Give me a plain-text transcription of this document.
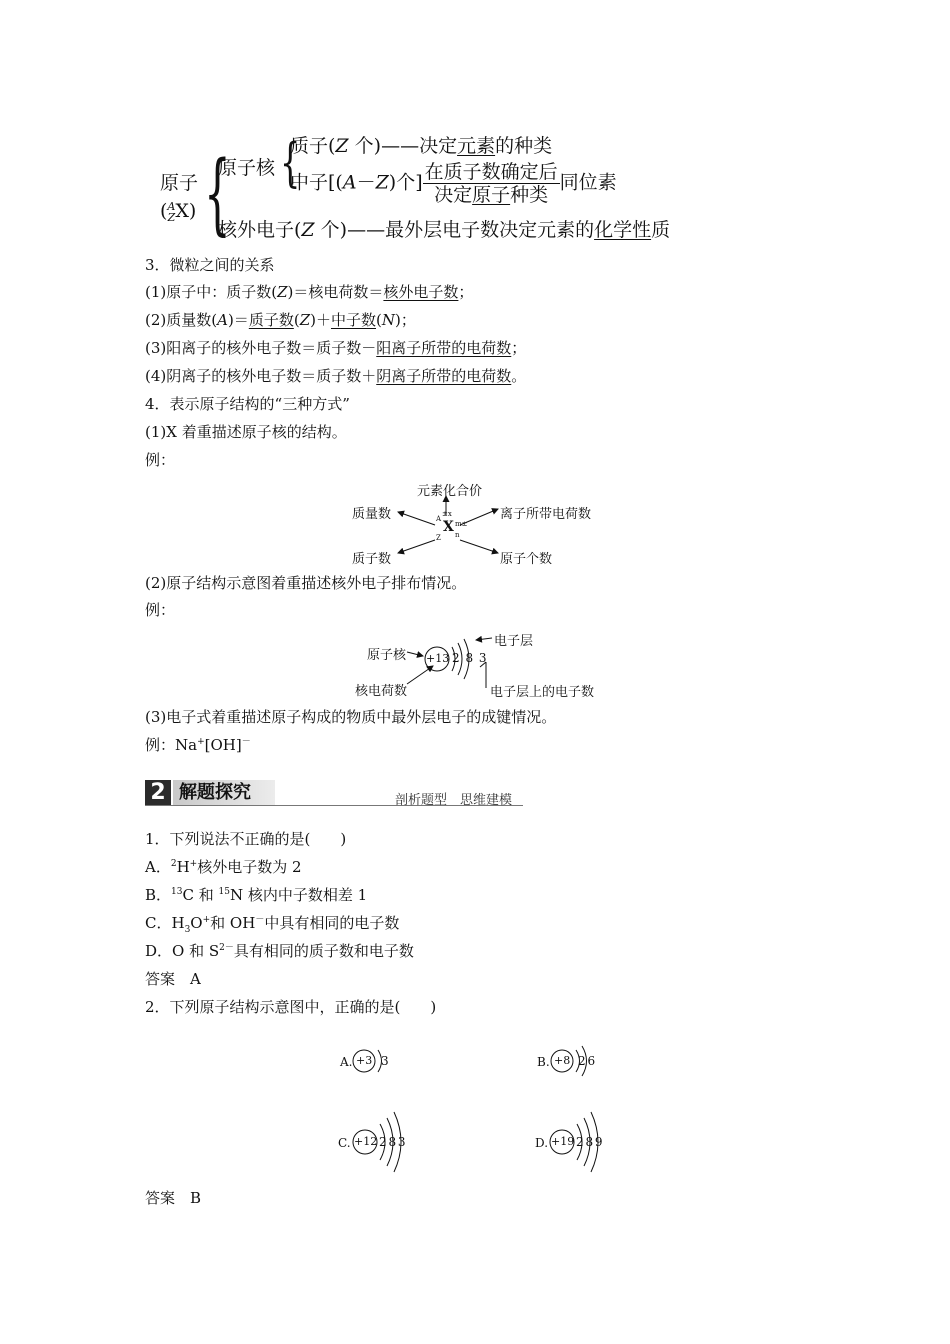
原子
( A
Z X) {
原子核 {
质子(Z 个)——决定元素的种类
中子[(A－Z)个] $\frac{\text{在质子数确定后}}{\text{决定原子种类}}$ 同位素
核外电子(Z 个)——最外层电子数决定元素的化学性质
3．微粒之间的关系
(1)原子中：质子数(Z)＝核电荷数＝核外电子数；
(2)质量数(A)＝质子数(Z)＋中子数(N)；
(3)阳离子的核外电子数＝质子数－阳离子所带的电荷数；
(4)阴离子的核外电子数＝质子数＋阴离子所带的电荷数。
4．表示原子结构的“三种方式”
(1)X 着重描述原子核的结构。
例：
元素化合价
质量数	离子所带电荷数
质子数	原子个数
A
Z
X
±x
m±
n
(2)原子结构示意图着重描述核外电子排布情况。
例：
原子核
核电荷数
电子层
电子层上的电子数
+13 2 8 3
(3)电子式着重描述原子构成的物质中最外层电子的成键情况。
例：Na+[OH]－
2 解题探究	剖析题型　思维建模
1．下列说法不正确的是(　　)
A．$^2$H+核外电子数为 2
B．$^{13}$C 和 $^{15}$N 核内中子数相差 1
C．$H_3O^+$和 OH－中具有相同的电子数
D．O 和 $S^{2-}$具有相同的质子数和电子数
答案　A
2．下列原子结构示意图中，正确的是(　　)
A. +3 3	B. +8 2 6
C. +12 2 8 3	D. +19 2 8 9
答案　B
